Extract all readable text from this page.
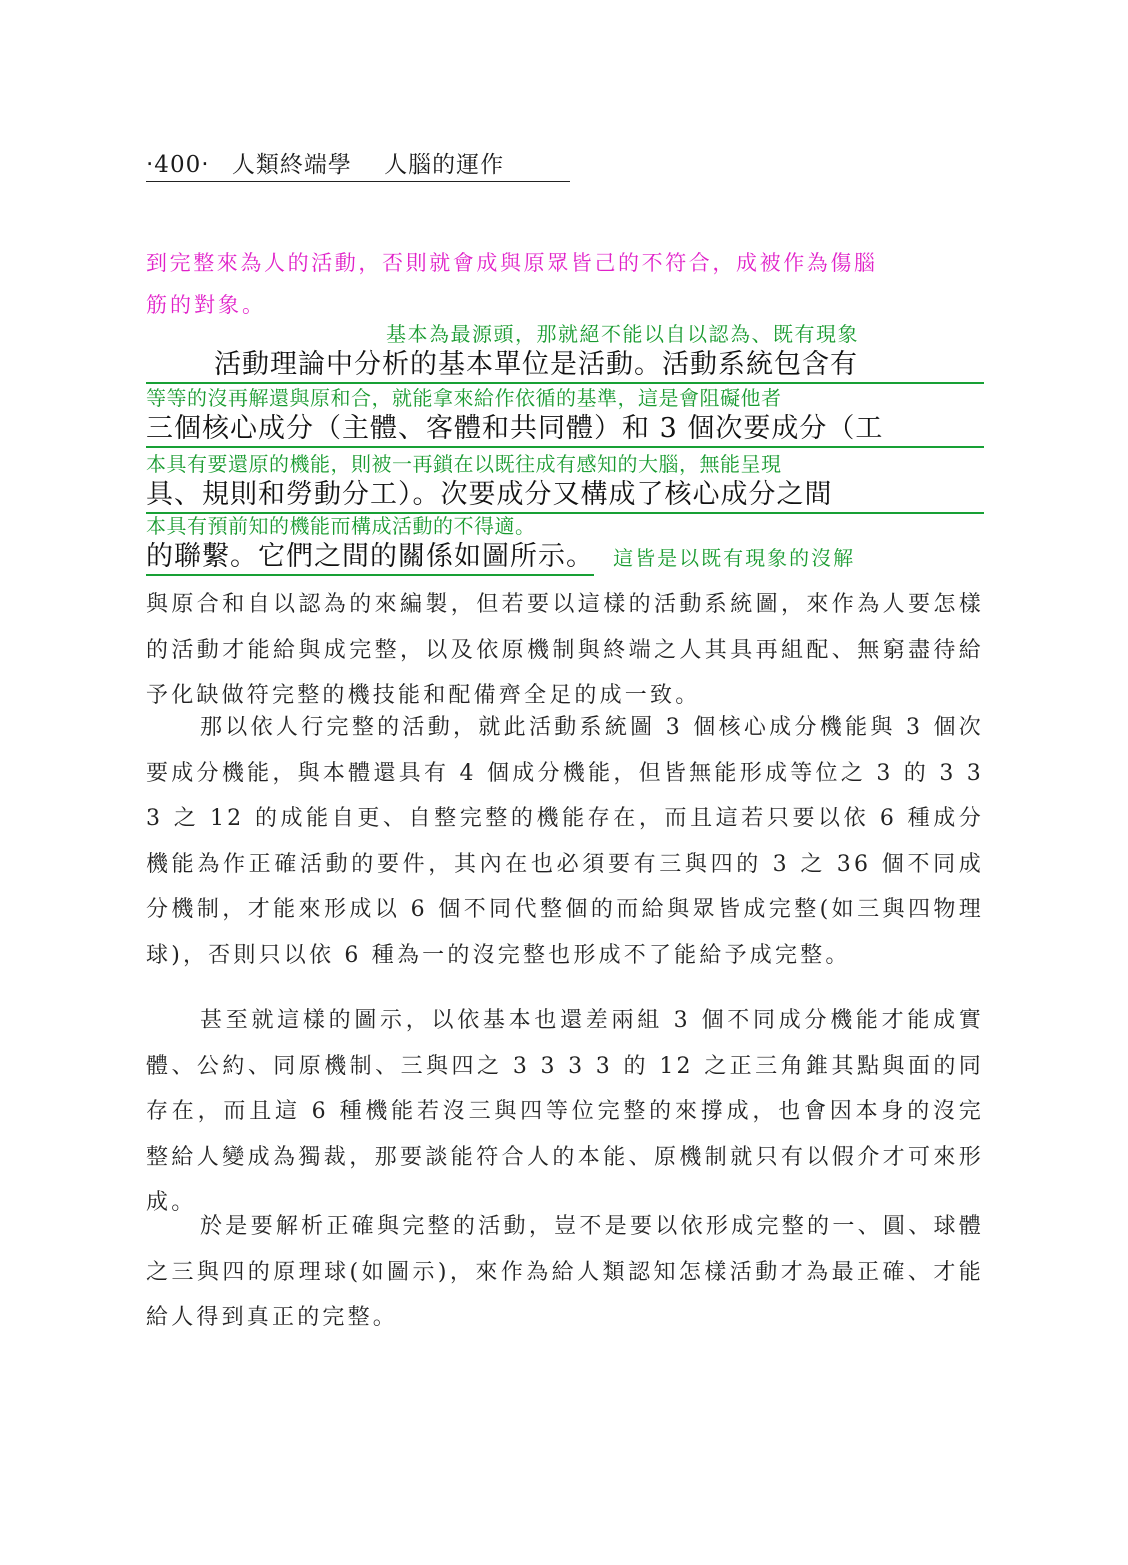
‧400‧ 人類終端學 人腦的運作
到完整來為人的活動，否則就會成與原眾皆己的不符合，成被作為傷腦
筋的對象。
基本為最源頭，那就絕不能以自以認為、既有現象
活動理論中分析的基本單位是活動。活動系統包含有
等等的沒再解還與原和合，就能拿來給作依循的基準，這是會阻礙他者
三個核心成分（主體、客體和共同體）和 3 個次要成分（工
本具有要還原的機能，則被一再鎖在以既往成有感知的大腦，無能呈現
具、規則和勞動分工）。次要成分又構成了核心成分之間
本具有預前知的機能而構成活動的不得適。
的聯繫。它們之間的關係如圖所示。 這皆是以既有現象的沒解
與原合和自以認為的來編製，但若要以這樣的活動系統圖，來作為人要怎樣的活動才能給與成完整，以及依原機制與終端之人其具再組配、無窮盡待給予化缺做符完整的機技能和配備齊全足的成一致。
那以依人行完整的活動，就此活動系統圖 3 個核心成分機能與 3 個次要成分機能，與本體還具有 4 個成分機能，但皆無能形成等位之 3 的 3 3 3 之 12 的成能自更、自整完整的機能存在，而且這若只要以依 6 種成分機能為作正確活動的要件，其內在也必須要有三與四的 3 之 36 個不同成分機制，才能來形成以 6 個不同代整個的而給與眾皆成完整(如三與四物理球)，否則只以依 6 種為一的沒完整也形成不了能給予成完整。
甚至就這樣的圖示，以依基本也還差兩組 3 個不同成分機能才能成實體、公約、同原機制、三與四之 3 3 3 3 的 12 之正三角錐其點與面的同存在，而且這 6 種機能若沒三與四等位完整的來撐成，也會因本身的沒完整給人變成為獨裁，那要談能符合人的本能、原機制就只有以假介才可來形成。
於是要解析正確與完整的活動，豈不是要以依形成完整的一、圓、球體之三與四的原理球(如圖示)，來作為給人類認知怎樣活動才為最正確、才能給人得到真正的完整。
